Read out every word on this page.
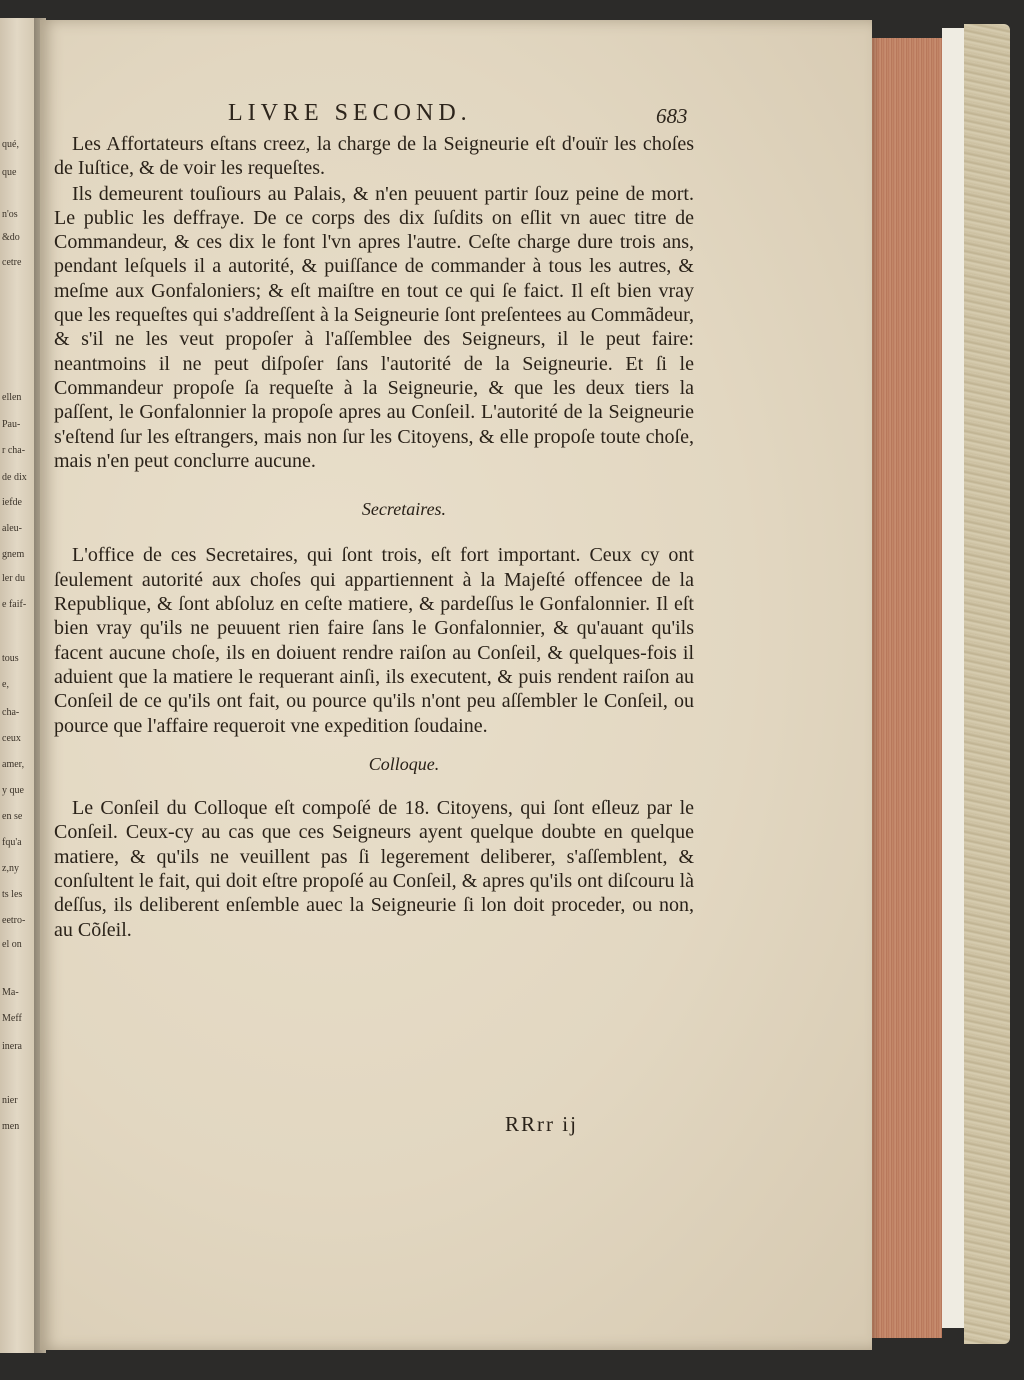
qué,
que
n'os
&do
cetre
ellen
Pau-
r cha-
de dix
iefde
aleu-
gnem
ler du
e faif-
tous
e,
cha-
ceux
amer,
y que
en se
fqu'a
z,ny
ts les
eetro-
el on
Ma-
Meff
inera
nier
men
LIVRE SECOND.	683

Les Affortateurs eſtans creez, la charge de la Seigneurie eſt d'ouïr les choſes de Iuſtice, & de voir les requeſtes.

Ils demeurent touſiours au Palais, & n'en peuuent partir ſouz peine de mort. Le public les deffraye. De ce corps des dix ſuſdits on eſlit vn auec titre de Commandeur, & ces dix le font l'vn apres l'autre. Ceſte charge dure trois ans, pendant leſquels il a autorité, & puiſſance de commander à tous les autres, & meſme aux Gonfaloniers; & eſt maiſtre en tout ce qui ſe faict. Il eſt bien vray que les requeſtes qui s'addreſſent à la Seigneurie ſont preſentees au Commãdeur, & s'il ne les veut propoſer à l'aſſemblee des Seigneurs, il le peut faire: neantmoins il ne peut diſpoſer ſans l'autorité de la Seigneurie. Et ſi le Commandeur propoſe ſa requeſte à la Seigneurie, & que les deux tiers la paſſent, le Gonfalonnier la propoſe apres au Conſeil. L'autorité de la Seigneurie s'eſtend ſur les eſtrangers, mais non ſur les Citoyens, & elle propoſe toute choſe, mais n'en peut conclurre aucune.

Secretaires.

L'office de ces Secretaires, qui ſont trois, eſt fort important. Ceux cy ont ſeulement autorité aux choſes qui appartiennent à la Majeſté offencee de la Republique, & ſont abſoluz en ceſte matiere, & pardeſſus le Gonfalonnier. Il eſt bien vray qu'ils ne peuuent rien faire ſans le Gonfalonnier, & qu'auant qu'ils facent aucune choſe, ils en doiuent rendre raiſon au Conſeil, & quelques-fois il aduient que la matiere le requerant ainſi, ils executent, & puis rendent raiſon au Conſeil de ce qu'ils ont fait, ou pource qu'ils n'ont peu aſſembler le Conſeil, ou pource que l'affaire requeroit vne expedition ſoudaine.

Colloque.

Le Conſeil du Colloque eſt compoſé de 18. Citoyens, qui ſont eſleuz par le Conſeil. Ceux-cy au cas que ces Seigneurs ayent quelque doubte en quelque matiere, & qu'ils ne veuillent pas ſi legerement deliberer, s'aſſemblent, & conſultent le fait, qui doit eſtre propoſé au Conſeil, & apres qu'ils ont diſcouru là deſſus, ils deliberent enſemble auec la Seigneurie ſi lon doit proceder, ou non, au Cõſeil.

RRrr ij
